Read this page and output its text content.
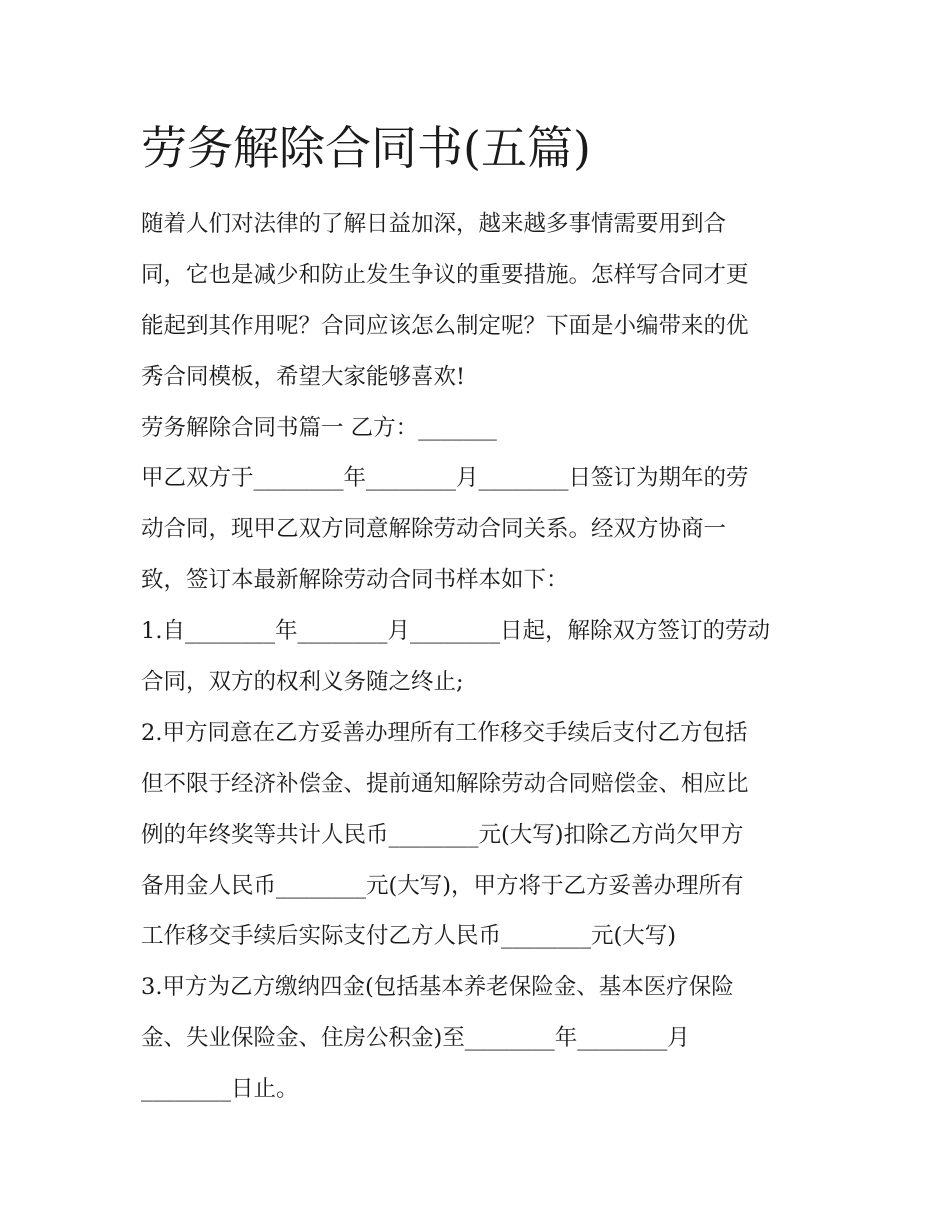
劳务解除合同书(五篇)
随着人们对法律的了解日益加深，越来越多事情需要用到合
同，它也是减少和防止发生争议的重要措施。怎样写合同才更
能起到其作用呢？合同应该怎么制定呢？下面是小编带来的优
秀合同模板，希望大家能够喜欢!
劳务解除合同书篇一 乙方：_______
甲乙双方于________年________月________日签订为期年的劳
动合同，现甲乙双方同意解除劳动合同关系。经双方协商一
致，签订本最新解除劳动合同书样本如下：
1.自________年________月________日起，解除双方签订的劳动
合同，双方的权利义务随之终止;
2.甲方同意在乙方妥善办理所有工作移交手续后支付乙方包括
但不限于经济补偿金、提前通知解除劳动合同赔偿金、相应比
例的年终奖等共计人民币________元(大写)扣除乙方尚欠甲方
备用金人民币________元(大写)，甲方将于乙方妥善办理所有
工作移交手续后实际支付乙方人民币________元(大写)
3.甲方为乙方缴纳四金(包括基本养老保险金、基本医疗保险
金、失业保险金、住房公积金)至________年________月
________日止。
